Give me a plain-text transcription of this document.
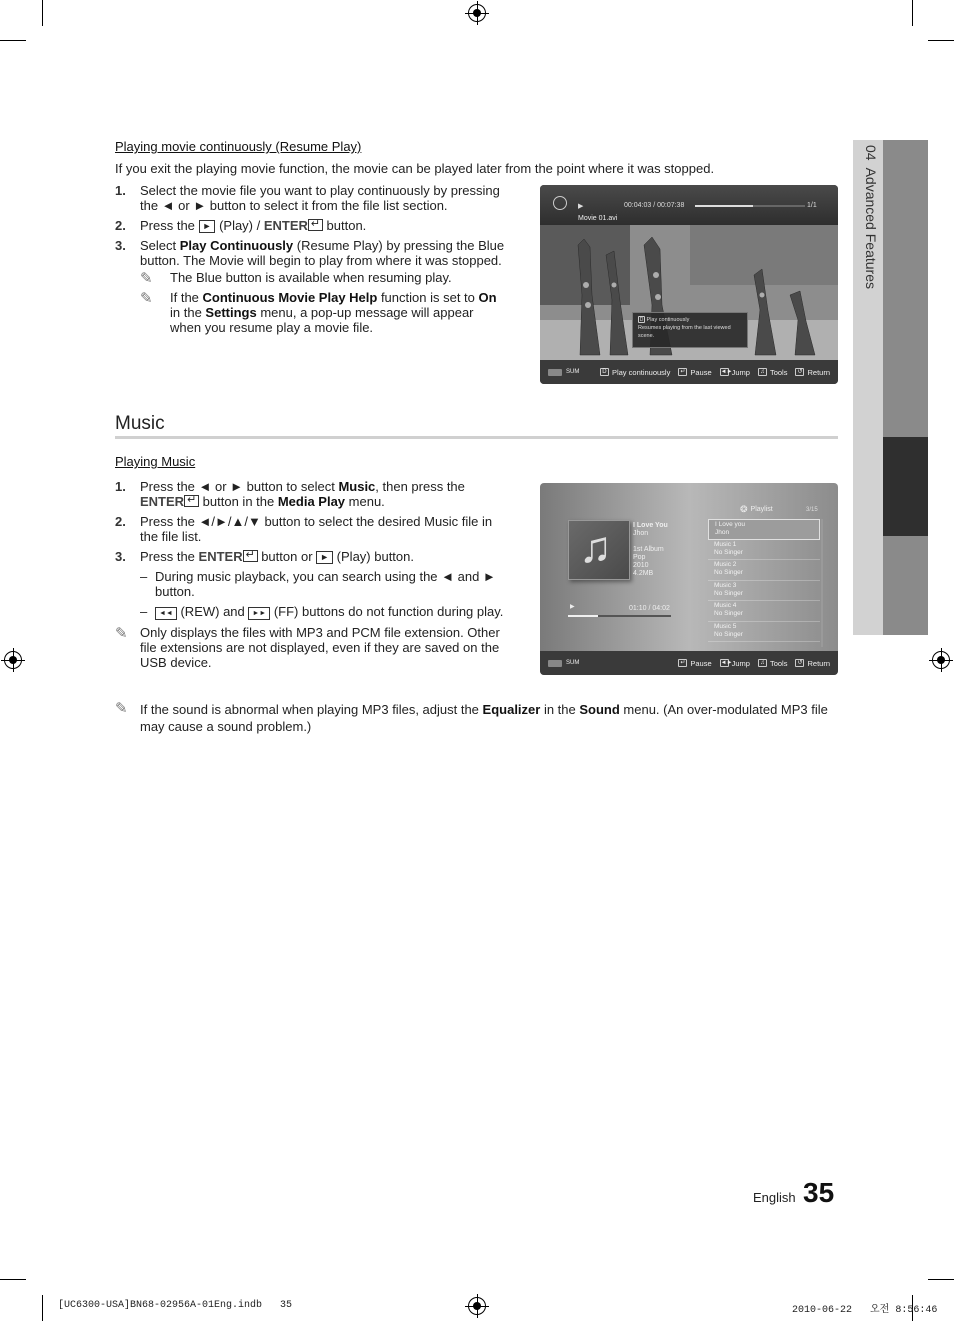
04  Advanced Features
Playing movie continuously (Resume Play)

If you exit the playing movie function, the movie can be played later from the point where it was stopped.

1. Select the movie file you want to play continuously by pressing the ◄ or ► button to select it from the file list section.
2. Press the ► (Play) / ENTER↵ button.
3. Select Play Continuously (Resume Play) by pressing the Blue button. The Movie will begin to play from where it was stopped.
✎ The Blue button is available when resuming play.
✎ If the Continuous Movie Play Help function is set to On in the Settings menu, a pop-up message will appear when you resume play a movie file.
▶	00:04:03 / 00:07:38	1/1
Movie 01.avi
D Play continuously
Resumes playing from the last viewed scene.
SUM	D Play continuously	↵ Pause ◄► Jump	♫ Tools	↺ Return
Music
Playing Music
1. Press the ◄ or ► button to select Music, then press the ENTER↵ button in the Media Play menu.
2. Press the ◄/►/▲/▼ button to select the desired Music file in the file list.
3. Press the ENTER↵ button or ► (Play) button.
– During music playback, you can search using the ◄ and ► button.
– ◄◄ (REW) and ►► (FF) buttons do not function during play.
✎ Only displays the files with MP3 and PCM file extension. Other file extensions are not displayed, even if they are saved on the USB device.
✎ If the sound is abnormal when playing MP3 files, adjust the Equalizer in the Sound menu. (An over-modulated MP3 file may cause a sound problem.)
♫	I Love You
Jhon
1st Album
Pop
2010
4.2MB
▶	01:10 / 04:02
❂ Playlist	3/15
I Love you
Jhon
Music 1
No Singer
Music 2
No Singer
Music 3
No Singer
Music 4
No Singer
Music 5
No Singer
SUM	↵ Pause ◄► Jump	♫ Tools	↺ Return
English 35
[UC6300-USA]BN68-02956A-01Eng.indb   35	2010-06-22   오전 8:56:46
